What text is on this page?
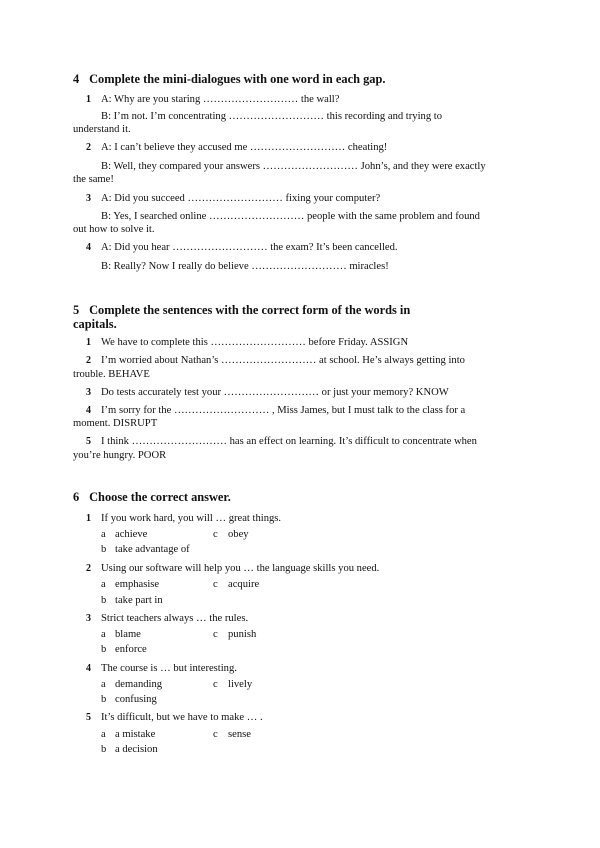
4 Complete the mini-dialogues with one word in each gap.
1 A: Why are you staring ……………………… the wall?
B: I’m not. I’m concentrating ……………………… this recording and trying to
understand it.
2 A: I can’t believe they accused me ……………………… cheating!
B: Well, they compared your answers ……………………… John’s, and they were exactly
the same!
3 A: Did you succeed ……………………… fixing your computer?
B: Yes, I searched online ……………………… people with the same problem and found
out how to solve it.
4 A: Did you hear ……………………… the exam? It’s been cancelled.
B: Really? Now I really do believe ……………………… miracles!
5 Complete the sentences with the correct form of the words in
capitals.
1 We have to complete this ……………………… before Friday. ASSIGN
2 I’m worried about Nathan’s ……………………… at school. He’s always getting into
trouble. BEHAVE
3 Do tests accurately test your ……………………… or just your memory? KNOW
4 I’m sorry for the ……………………… , Miss James, but I must talk to the class for a
moment. DISRUPT
5 I think ……………………… has an effect on learning. It’s difficult to concentrate when
you’re hungry. POOR
6 Choose the correct answer.
1 If you work hard, you will … great things.
a achieve	c obey
b take advantage of
2 Using our software will help you … the language skills you need.
a emphasise	c acquire
b take part in
3 Strict teachers always … the rules.
a blame	c punish
b enforce
4 The course is … but interesting.
a demanding	c lively
b confusing
5 It’s difficult, but we have to make … .
a a mistake	c sense
b a decision
